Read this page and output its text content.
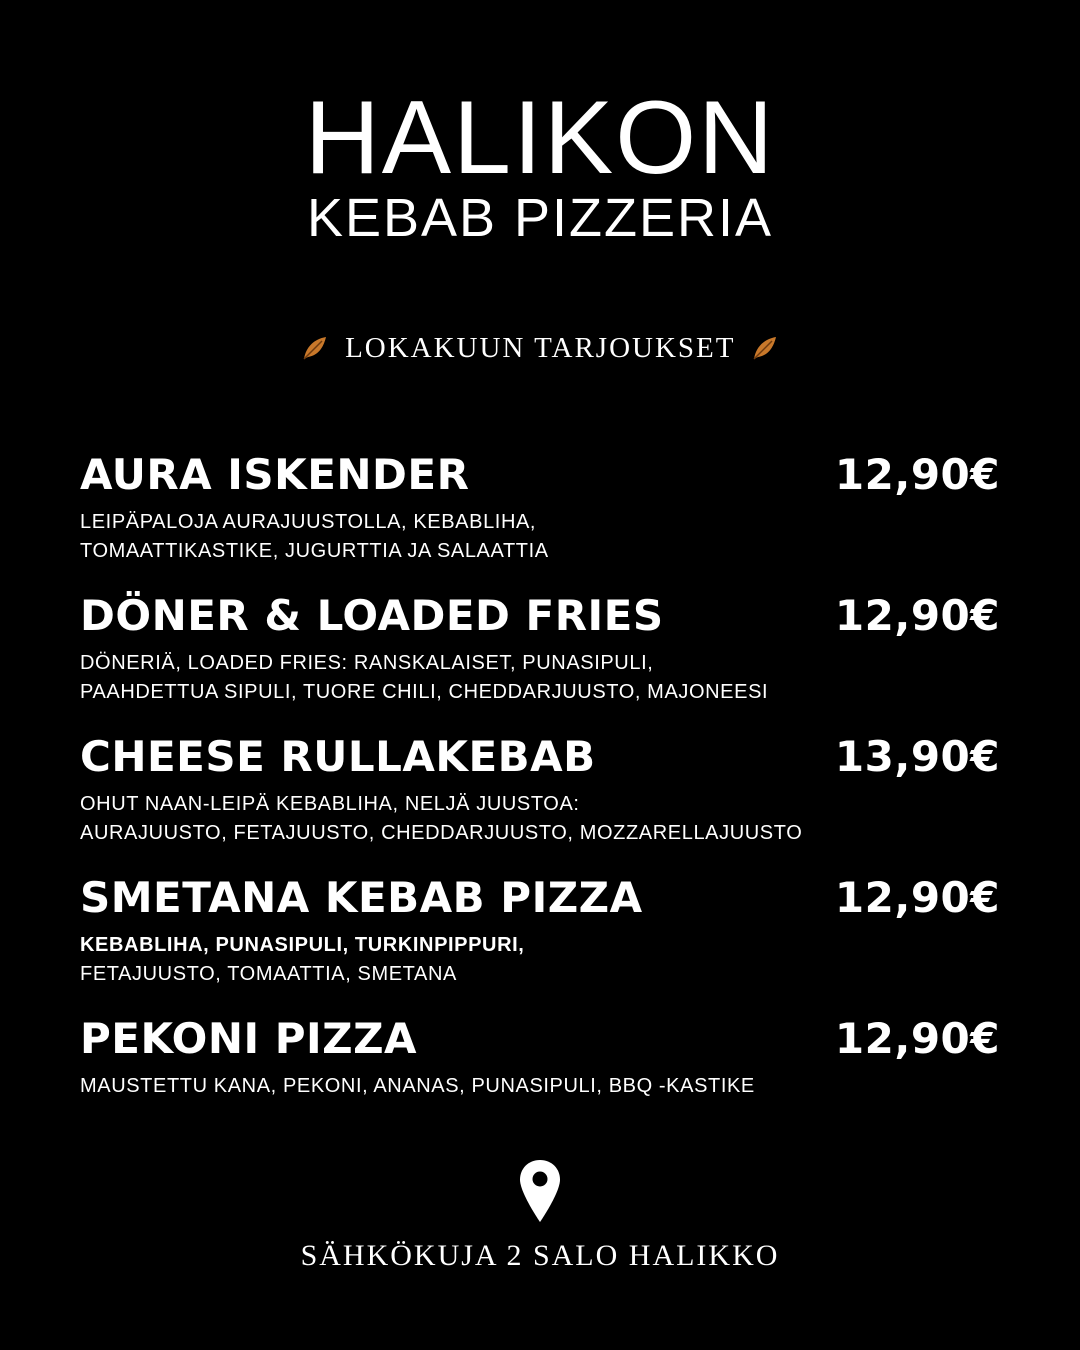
HALIKON
KEBAB PIZZERIA
LOKAKUUN TARJOUKSET
AURA ISKENDER	12,90€
LEIPÄPALOJA AURAJUUSTOLLA, KEBABLIHA,
TOMAATTIKASTIKE, JUGURTTIA JA SALAATTIA
DÖNER & LOADED FRIES	12,90€
DÖNERIÄ, LOADED FRIES: RANSKALAISET, PUNASIPULI,
PAAHDETTUA SIPULI, TUORE CHILI, CHEDDARJUUSTO, MAJONEESI
CHEESE RULLAKEBAB	13,90€
OHUT NAAN-LEIPÄ KEBABLIHA, NELJÄ JUUSTOA:
AURAJUUSTO, FETAJUUSTO, CHEDDARJUUSTO, MOZZARELLAJUUSTO
SMETANA KEBAB PIZZA	12,90€
KEBABLIHA, PUNASIPULI, TURKINPIPPURI,
FETAJUUSTO, TOMAATTIA, SMETANA
PEKONI PIZZA	12,90€
MAUSTETTU KANA, PEKONI, ANANAS, PUNASIPULI, BBQ -KASTIKE
SÄHKÖKUJA 2 SALO HALIKKO
